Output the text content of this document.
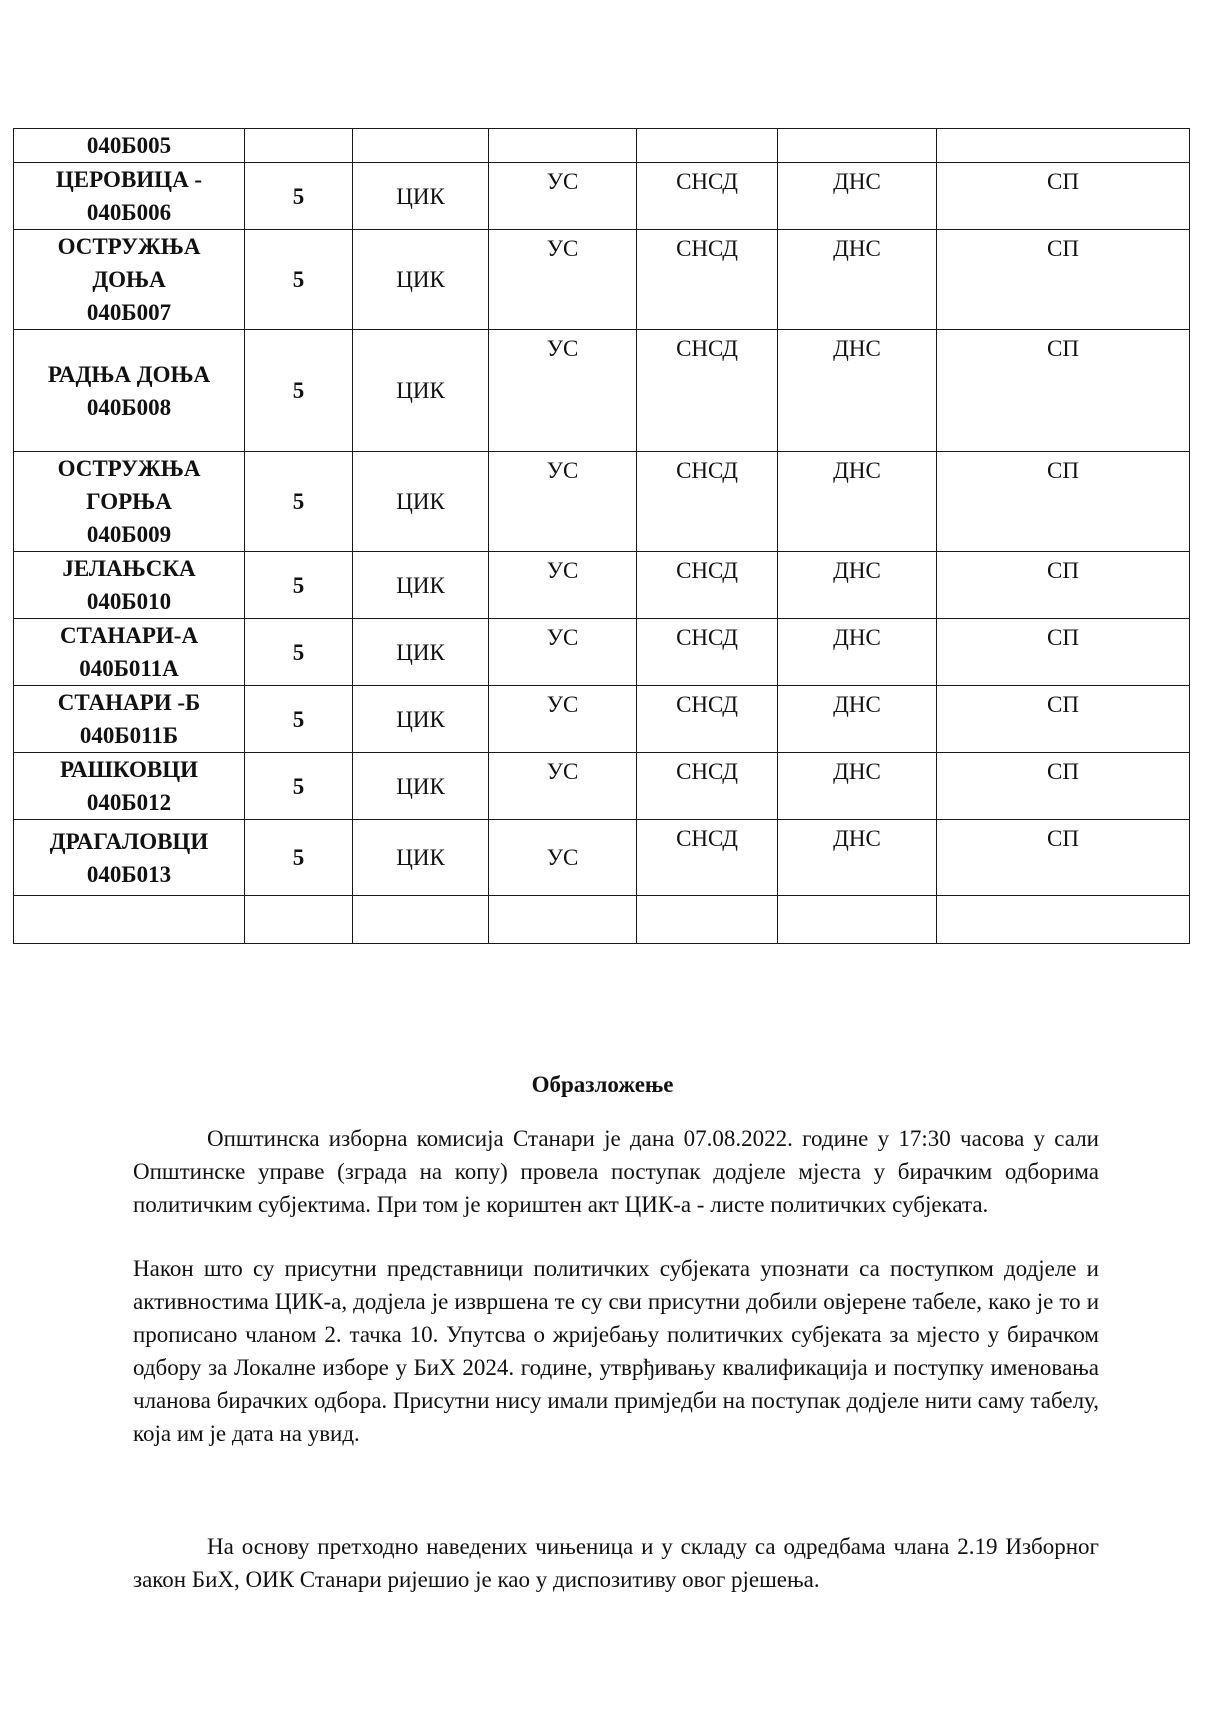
040Б005						

ЦЕРОВИЦА -
040Б006	5	ЦИК	УС	СНСД	ДНС	СП

ОСТРУЖЊА
ДОЊА
040Б007	5	ЦИК	УС	СНСД	ДНС	СП

РАДЊА ДОЊА
040Б008	5	ЦИК	УС	СНСД	ДНС	СП

ОСТРУЖЊА
ГОРЊА
040Б009	5	ЦИК	УС	СНСД	ДНС	СП

ЈЕЛАЊСКА
040Б010	5	ЦИК	УС	СНСД	ДНС	СП

СТАНАРИ-А
040Б011А	5	ЦИК	УС	СНСД	ДНС	СП

СТАНАРИ -Б
040Б011Б	5	ЦИК	УС	СНСД	ДНС	СП

РАШКОВЦИ
040Б012	5	ЦИК	УС	СНСД	ДНС	СП

ДРАГАЛОВЦИ
040Б013	5	ЦИК	УС	СНСД	ДНС	СП

Образложење

Општинска изборна комисија Станари је дана 07.08.2022. године у 17:30 часова у сали Општинске управе (зграда на копу) провела поступак додјеле мјеста у бирачким одборима политичким субјектима. При том је кориштен акт ЦИК-а - листе политичких субјеката.

Након што су присутни представници политичких субјеката упознати са поступком додјеле и активностима ЦИК-а, додјела је извршена те су сви присутни добили овјерене табеле, како је то и прописано чланом 2. тачка 10. Упутсва о жријебању политичких субјеката за мјесто у бирачком одбору за Локалне изборе у БиХ 2024. године, утврђивању квалификација и поступку именовања чланова бирачких одбора. Присутни нису имали примједби на поступак додјеле нити саму табелу, која им је дата на увид.

На основу претходно наведених чињеница и у складу са одредбама члана 2.19 Изборног закон БиХ, ОИК Станари ријешио је као у диспозитиву овог рјешења.
